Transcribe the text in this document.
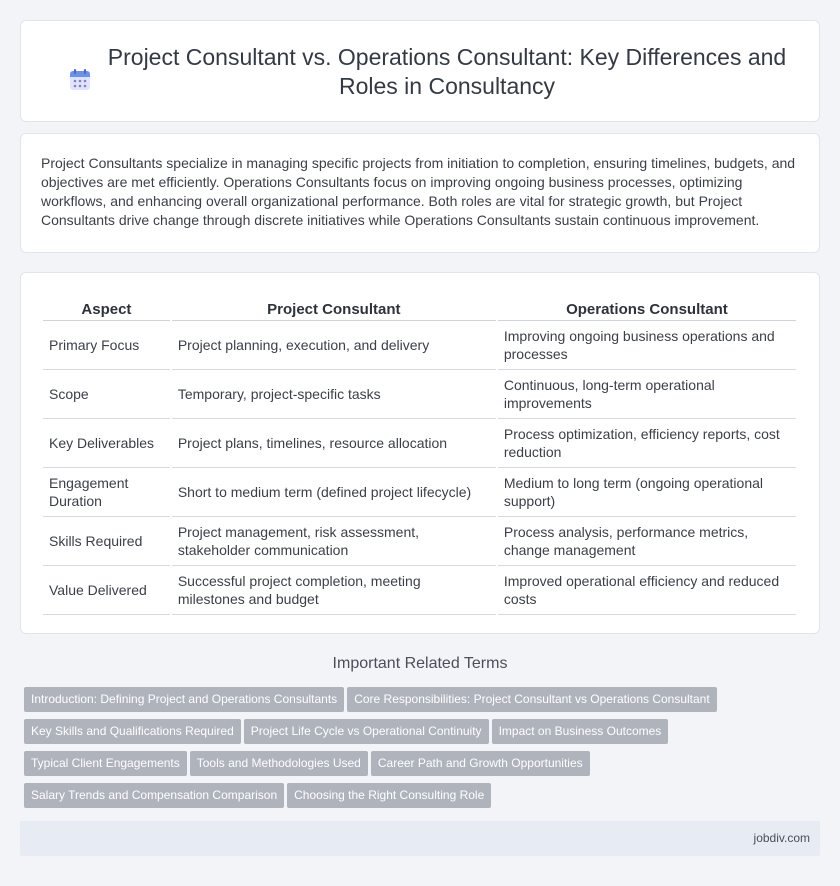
Project Consultant vs. Operations Consultant: Key Differences and Roles in Consultancy

Project Consultants specialize in managing specific projects from initiation to completion, ensuring timelines, budgets, and objectives are met efficiently. Operations Consultants focus on improving ongoing business processes, optimizing workflows, and enhancing overall organizational performance. Both roles are vital for strategic growth, but Project Consultants drive change through discrete initiatives while Operations Consultants sustain continuous improvement.

Aspect	Project Consultant	Operations Consultant
Primary Focus	Project planning, execution, and delivery	Improving ongoing business operations and processes
Scope	Temporary, project-specific tasks	Continuous, long-term operational improvements
Key Deliverables	Project plans, timelines, resource allocation	Process optimization, efficiency reports, cost reduction
Engagement Duration	Short to medium term (defined project lifecycle)	Medium to long term (ongoing operational support)
Skills Required	Project management, risk assessment, stakeholder communication	Process analysis, performance metrics, change management
Value Delivered	Successful project completion, meeting milestones and budget	Improved operational efficiency and reduced costs
Important Related Terms
Introduction: Defining Project and Operations Consultants Core Responsibilities: Project Consultant vs Operations Consultant
Key Skills and Qualifications Required Project Life Cycle vs Operational Continuity Impact on Business Outcomes
Typical Client Engagements Tools and Methodologies Used Career Path and Growth Opportunities
Salary Trends and Compensation Comparison Choosing the Right Consulting Role
jobdiv.com
